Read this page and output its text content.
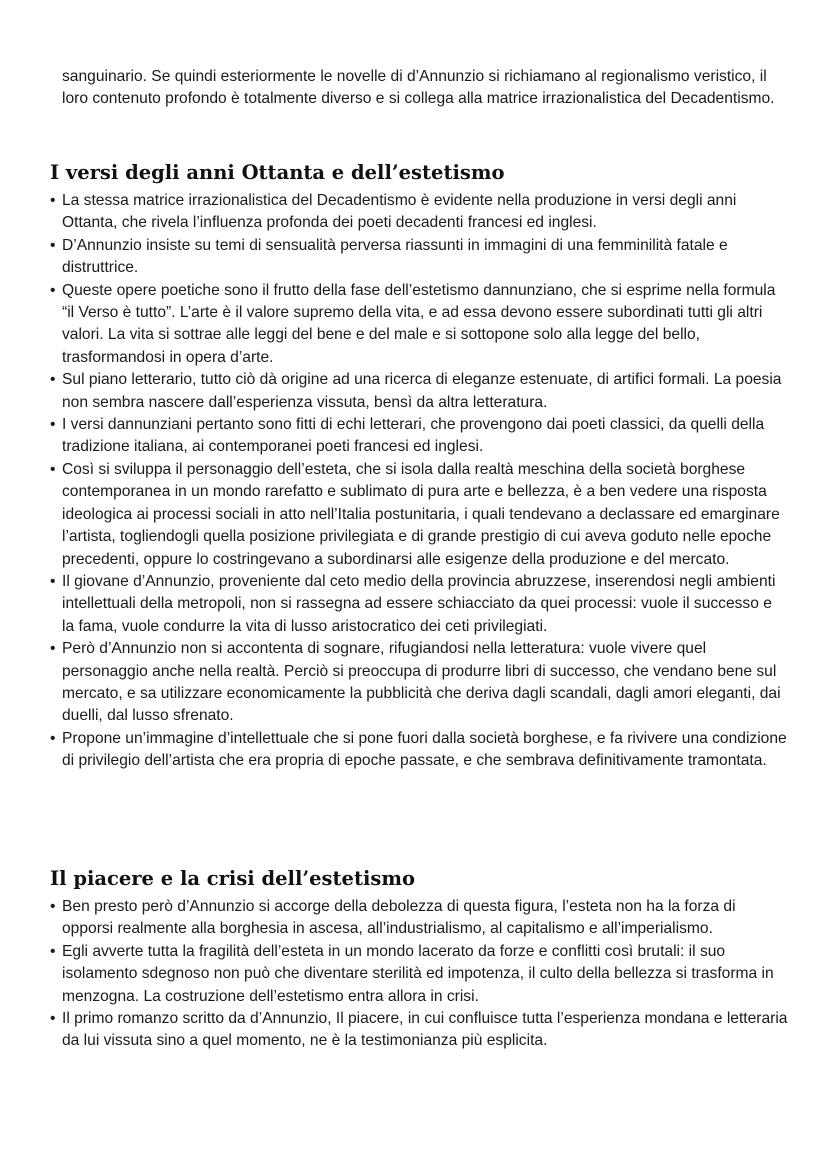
sanguinario. Se quindi esteriormente le novelle di d’Annunzio si richiamano al regionalismo veristico, il loro contenuto profondo è totalmente diverso e si collega alla matrice irrazionalistica del Decadentismo.

I versi degli anni Ottanta e dell’estetismo
• La stessa matrice irrazionalistica del Decadentismo è evidente nella produzione in versi degli anni Ottanta, che rivela l’influenza profonda dei poeti decadenti francesi ed inglesi.
• D’Annunzio insiste su temi di sensualità perversa riassunti in immagini di una femminilità fatale e distruttrice.
• Queste opere poetiche sono il frutto della fase dell’estetismo dannunziano, che si esprime nella formula “il Verso è tutto”. L’arte è il valore supremo della vita, e ad essa devono essere subordinati tutti gli altri valori. La vita si sottrae alle leggi del bene e del male e si sottopone solo alla legge del bello, trasformandosi in opera d’arte.
• Sul piano letterario, tutto ciò dà origine ad una ricerca di eleganze estenuate, di artifici formali. La poesia non sembra nascere dall’esperienza vissuta, bensì da altra letteratura.
• I versi dannunziani pertanto sono fitti di echi letterari, che provengono dai poeti classici, da quelli della tradizione italiana, ai contemporanei poeti francesi ed inglesi.
• Così si sviluppa il personaggio dell’esteta, che si isola dalla realtà meschina della società borghese contemporanea in un mondo rarefatto e sublimato di pura arte e bellezza, è a ben vedere una risposta ideologica ai processi sociali in atto nell’Italia postunitaria, i quali tendevano a declassare ed emarginare l’artista, togliendogli quella posizione privilegiata e di grande prestigio di cui aveva goduto nelle epoche precedenti, oppure lo costringevano a subordinarsi alle esigenze della produzione e del mercato.
• Il giovane d’Annunzio, proveniente dal ceto medio della provincia abruzzese, inserendosi negli ambienti intellettuali della metropoli, non si rassegna ad essere schiacciato da quei processi: vuole il successo e la fama, vuole condurre la vita di lusso aristocratico dei ceti privilegiati.
• Però d’Annunzio non si accontenta di sognare, rifugiandosi nella letteratura: vuole vivere quel personaggio anche nella realtà. Perciò si preoccupa di produrre libri di successo, che vendano bene sul mercato, e sa utilizzare economicamente la pubblicità che deriva dagli scandali, dagli amori eleganti, dai duelli, dal lusso sfrenato.
• Propone un’immagine d’intellettuale che si pone fuori dalla società borghese, e fa rivivere una condizione di privilegio dell’artista che era propria di epoche passate, e che sembrava definitivamente tramontata.
Il piacere e la crisi dell’estetismo
• Ben presto però d’Annunzio si accorge della debolezza di questa figura, l’esteta non ha la forza di opporsi realmente alla borghesia in ascesa, all’industrialismo, al capitalismo e all’imperialismo.
• Egli avverte tutta la fragilità dell’esteta in un mondo lacerato da forze e conflitti così brutali: il suo isolamento sdegnoso non può che diventare sterilità ed impotenza, il culto della bellezza si trasforma in menzogna. La costruzione dell’estetismo entra allora in crisi.
• Il primo romanzo scritto da d’Annunzio, Il piacere, in cui confluisce tutta l’esperienza mondana e letteraria da lui vissuta sino a quel momento, ne è la testimonianza più esplicita.
